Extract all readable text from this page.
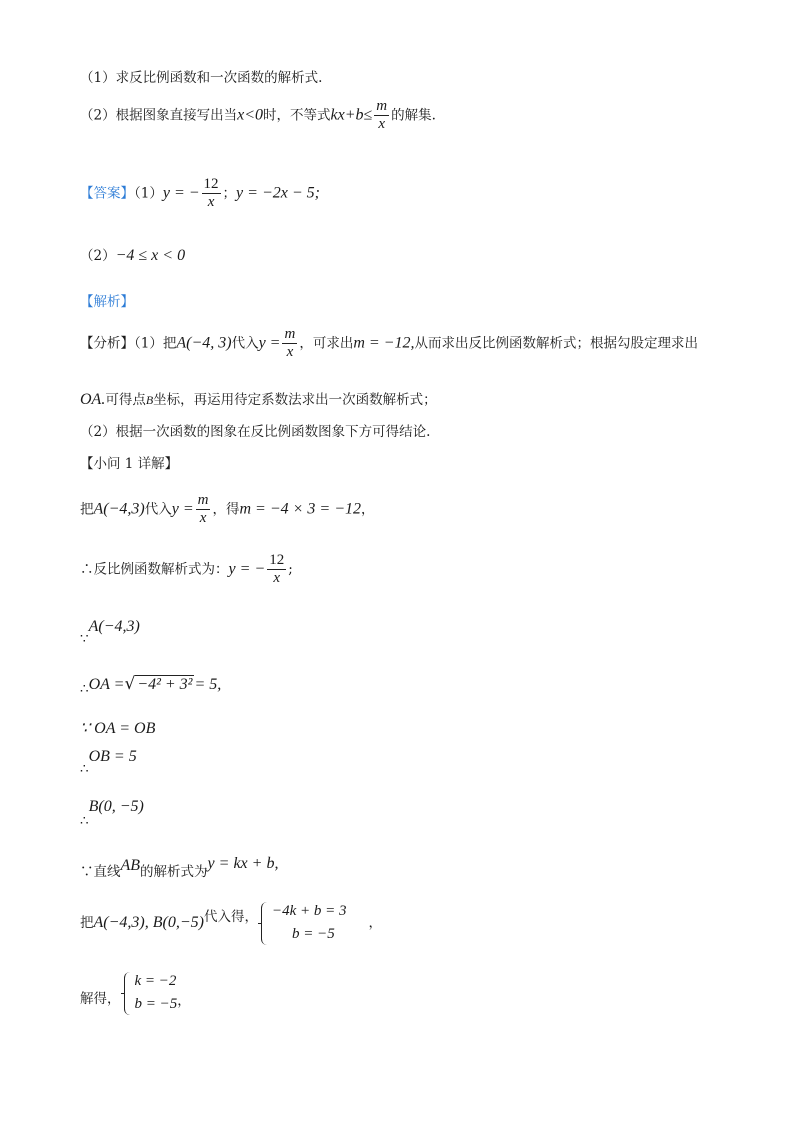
（1）求反比例函数和一次函数的解析式.
（2）根据图象直接写出当x<0时，不等式$kx+b\le \frac{m}{x}$ 的解集.
【答案】（1）y = − $\frac{12}{x}$ ；y = −2x − 5;
（2）−4 ≤ x < 0
【解析】
【分析】（1）把A(−4, 3)代入$y = \frac{m}{x}$ ，可求出m = −12,从而求出反比例函数解析式；根据勾股定理求出
OA.可得点B坐标，再运用待定系数法求出一次函数解析式；
（2）根据一次函数的图象在反比例函数图象下方可得结论.
【小问 1 详解】
把A(−4,3)代入$y = \frac{m}{x}$ ，得m = −4 × 3 = −12，
∴反比例函数解析式为：y = − $\frac{12}{x}$ ;
∵A(−4,3)
∴OA =√ −4² + 3² = 5,
∵ OA = OB
∴OB = 5
∴B(0, −5)
∵直线AB的解析式为y = kx + b,
把A(−4,3), B(0,−5)代入得， −4k + b = 3
b = −5
，
解得，
k = −2
b = −5 ，
